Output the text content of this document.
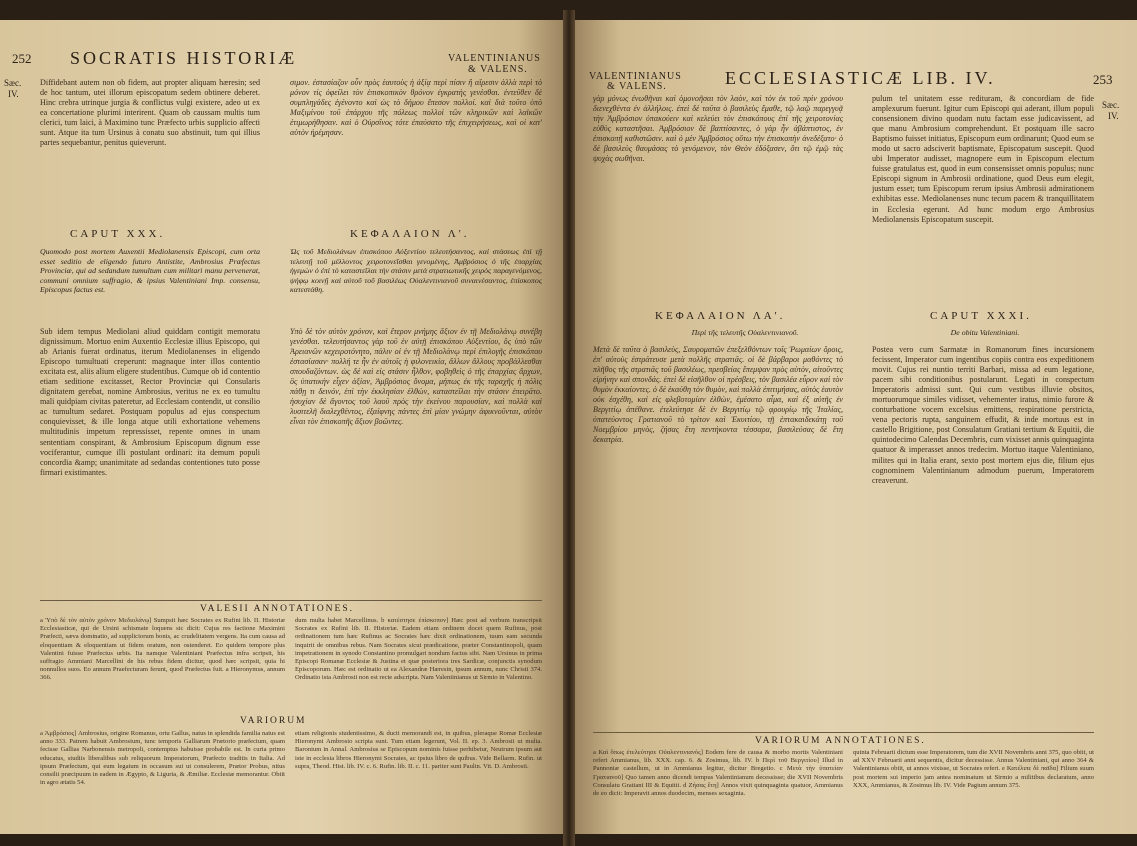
252 SOCRATIS HISTORIÆ	VALENTINIANUS
& VALENS.
Sæc.
IV.
Diffidebant autem non ob fidem, aut propter aliquam hæresin; sed de hoc tantum, utei illorum episcopatum sedem obtinere deberet. Hinc crebra utrinque jurgia & conflictus vulgi existere, adeo ut ex ea concertatione plurimi interirent. Quam ob caussam multis tum clerici, tum laici, à Maximino tunc Præfecto urbis supplicio affecti sunt. Atque ita tum Ursinus à conatu suo abstinuit, tum qui illius partes sequebantur, penitus quieverunt.
σιμον. ἐστασίαζον οὖν πρὸς ἑαυτοὺς ἡ ἀξίᾳ περὶ πίσιν ἢ αἵρεσιν ἀλλὰ περὶ τὸ μόνον τίς ὀφείλει τὸν ἐπισκοπικὸν θρόνον ἐγκρατὴς γενέσθαι. ἐντεῦθεν δὲ συμπληγάδες ἐγένοντο καὶ ὡς τὸ δήμου ἔπεσον πολλοί. καὶ διὰ τοῦτο ὑπὸ Μαξιμίνου τοῦ ἐπάρχου τῆς πόλεως πολλοὶ τῶν κληρικῶν καὶ λαϊκῶν ἐτιμωρήθησαν. καὶ ὁ Οὐρσῖνος τότε ἐπαύσατο τῆς ἐπιχειρήσεως, καὶ οἱ κατ' αὐτὸν ἠρέμησαν.
CAPUT XXX.	ΚΕΦΑΛΑΙΟΝ Λ'.
Quomodo post mortem Auxentii Mediolanensis Episcopi, cum orta esset seditio de eligendo futuro Antistite, Ambrosius Præfectus Provinciæ, qui ad sedandum tumultum cum militari manu pervenerat, communi omnium suffragio, & ipsius Valentiniani Imp. consensu, Episcopus factus est.
Ὡς τοῦ Μεδιολάνων ἐπισκόπου Αὐξεντίου τελευτήσαντος, καὶ στάσεως ἐπὶ τῇ τελευτῇ τοῦ μέλλοντος χειροτονεῖσθαι γενομένης, Ἀμβρόσιος ὁ τῆς ἐπαρχίας ἡγεμὼν ὁ ἐπὶ τὸ καταστεῖλαι τὴν στάσιν μετὰ στρατιωτικῆς χειρὸς παραγενόμενος, ψήφῳ κοινῇ καὶ αὐτοῦ τοῦ βασιλέως Οὐαλεντινιανοῦ συναινέσαντος, ἐπίσκοπος κατεστάθη.
Sub idem tempus Mediolani aliud quiddam contigit memoratu dignissimum. Mortuo enim Auxentio Ecclesiæ illius Episcopo, qui ab Arianis fuerat ordinatus, iterum Mediolanenses in eligendo Episcopo tumultuati creperunt: magnaque inter illos contentio excitata est, aliis alium eligere studentibus. Cumque ob id contentio etiam seditione excitasset, Rector Provinciæ qui Consularis dignitatem gerebat, nomine Ambrosius, veritus ne ex eo tumultu mali quidpiam civitas pateretur, ad Ecclesiam contendit, ut consilio ac tumultum sedaret. Postquam populus ad ejus conspectum conquievisset, & ille longa atque utili exhortatione vehemens multitudinis impetum repressisset, repente omnes in unam sententiam conspirant, & Ambrosium Episcopum dignum esse vociferantur, cumque illi postulant ordinari: ita demum populi concordia &amp; unanimitate ad sedandas contentiones tuto posse firmari existimantes.
Υπὸ δὲ τὸν αὐτὸν χρόνον, καὶ ἕτερον μνήμης ἄξιον ἐν τῇ Μεδιολάνῳ συνέβη γενέσθαι. τελευτήσαντος γὰρ τοῦ ἐν αὐτῇ ἐπισκόπου Αὐξεντίου, ὃς ὑπὸ τῶν Ἀρειανῶν κεχειροτόνητο, πάλιν οἱ ἐν τῇ Μεδιολάνῳ περὶ ἐπιλογῆς ἐπισκόπου ἐστασίασαν· πολλή τε ἦν ἐν αὐτοῖς ἡ φιλονεικία, ἄλλων ἄλλους προβάλλεσθαι σπουδαζόντων. ὡς δὲ καὶ εἰς στάσιν ἦλθον, φοβηθεὶς ὁ τῆς ἐπαρχίας ἄρχων, ὃς ὑπατικὴν εἶχεν ἀξίαν, Ἀμβρόσιος ὄνομα, μήπως ἐκ τῆς ταραχῆς ἡ πόλις πάθῃ τι δεινόν, ἐπὶ τὴν ἐκκλησίαν ἐλθὼν, καταστεῖλαι τὴν στάσιν ἐπειρᾶτο. ἡσυχίαν δὲ ἄγοντος τοῦ λαοῦ πρὸς τὴν ἐκείνου παρουσίαν, καὶ πολλὰ καὶ λυσιτελῆ διαλεχθέντος, ἐξαίφνης πάντες ἐπὶ μίαν γνώμην ἀφικνοῦνται, αὐτὸν εἶναι τὸν ἐπισκοπῆς ἄξιον βοῶντες.
VALESII ANNOTATIONES.
a Ὑπὸ δὲ τὸν αὐτὸν χρόνον Μεδιολάνῳ] Sumpsit hæc Socrates ex Rufini lib. II. Historiæ Ecclesiasticæ, qui de Ursini schismate loquens sic dicit: Cujus res factione Maximini Præfecti, sæva dominatio, ad suppliciorum bonis, ac crudelitatem vergens. Ita cum causa ad eloquentiam & eloquentiam ut fidem oratum, non ostenderet. Eo quidem tempore plus Valentini fuisse Præfectus urbis. Ita namque Valentiniani Præfectus infra scripsit, his suffragio Ammiani Marcellini de his rebus fidem dicitur, quod hæc scripsit, quia hi nonnullos suos. Eo annum Praefecturam ferunt, quod Præfectus fuit. a Hieronymus, annum 366.
dum multa habet Marcellinus. b κατέστησε ἐπίσκοπον] Hæc post ad verbum transcripsit Socrates ex Rufini lib. II. Historiæ. Eadem etiam ordinem docet quem Rufinus, post ordinationem tum hæc Rufinus ac Socrates hæc dixit ordinationem, tuum eam secunda inquirit de omnibus rebus. Nam Socrates sicut prædicatione, præter Constantinopoli, quam impetrationem in synodo Constantino promulgari nondum factus sibi. Nam Ursinus in prima Episcopi Romanæ Ecclesiæ & Justina et quæ posteriora tres Sardicæ, conjunctis synodum Episcoporum. Hæc est ordinatio ut ea Alexandræ Hæresin, ipsum annum, nunc Christi 374. Ordinatio ista Ambrosii non est recte adscripta. Nam Valentinianus ut Sirmio in Valentino.
VARIORUM
a Ἀμβρόσιος] Ambrosius, origine Romanus, ortu Gallus, natus in splendida familia natus est anno 333. Patrem habuit Ambrosium, tunc temporis Galliarum Prætorio præfectum, quam fecisse Gallias Narbonensis metropoli, contemptus habuisse probabile est. In curia primo educatus, studiis liberalibus sub reliquorum Imperatorum, Præfecto traditis in Italia. Ad ipsum Præfectum, qui eum legatum in occasum sui ut consulerem, Prætor Probus, nitus consilii præcipuum in eadem in Ægypto, & Liguria, & Æmiliæ. Ecclesiæ memorantur. Obiit in agro ætatis 54.
etiam religionis studentissimo, & ducti memorandi est, in quibus, pleraque Romæ Ecclesiæ Hieronymi Ambrosio scripta sunt. Tum etiam legerunt, Vol. II. ep. 3. Ambrosii ut multa. Baronium in Annal. Ambrosius se Episcopum nominis fuisse perhibetur, Neutrum ipsum aut iste in ecclesia libros Hieronymi Socrates, ac ipsius libro de quibus. Vide Bellarm. Rufin. ut supra, Theod. Hist. lib. IV. c. 6. Rufin. lib. II. c. 11. pariter sunt Paulin. Vit. D. Ambrosii.
VALENTINIANUS
& VALENS.	ECCLESIASTICÆ LIB. IV.	253
Sæc.
IV.
γὰρ μόνως ἐνωθῆναι καὶ ὁμονοῆσαι τὸν λαὸν, καὶ τὸν ἐκ τοῦ πρὶν χρόνου διενεχθέντα ἐν ἀλλήλοις. ἐπεὶ δὲ ταῦτα ὁ βασιλεὺς ἔμαθε, τῷ λαῷ παρεγγυᾷ τὴν Ἀμβρόσιον ὑπακούειν καὶ κελεύει τὸν ἐπισκόπους ἐπὶ τῆς χειροτονίας εὐθὺς καταστῆσαι. Ἀμβρόσιον δὲ βαπτίσαντες, ὁ γὰρ ἦν ἀβάπτιστος, ἐν ἐπισκοπῇ καθιστῶσιν. καὶ ὁ μὲν Ἀμβρόσιος οὕτω τὴν ἐπισκοπὴν ἀνεδέξατο· ὁ δὲ βασιλεὺς θαυμάσας τὸ γενόμενον, τὸν Θεὸν ἐδόξασεν, ὅτι τῷ ἐμῷ τὰς ψυχὰς σωθῆναι.
pulum tel unitatem esse redituram, & concordiam de fide amplexurum fuerunt. Igitur cum Episcopi qui aderant, illum populi consensionem divino quodam nutu factam esse judicavissent, ad que manu Ambrosium comprehendunt. Et postquam ille sacro Baptismo fuisset initiatus, Episcopum eum ordinarunt; Quod eum se modo ut sacro adsciverit baptismate, Episcopatum suscepit. Quod ubi Imperator audisset, magnopere eum in Episcopum electum fuisse gratulatus est, quod in eum consensisset omnis populus; nunc Episcopi signum in Ambrosii ordinatione, quod Deus eum elegit, justum esset; tum Episcopum rerum ipsius Ambrosii admirationem exhibitas esse. Mediolanenses nunc tecum pacem & tranquillitatem in Ecclesia egerunt. Ad hunc modum ergo Ambrosius Mediolanensis Episcopatum suscepit.
ΚΕΦΑΛΑΙΟΝ ΛΑ'.	CAPUT XXXI.
Περὶ τῆς τελευτῆς Οὐαλεντινιανοῦ.	De obitu Valentiniani.
Μετὰ δὲ ταῦτα ὁ βασιλεὺς, Σαυροματῶν ἐπεξελθόντων τοῖς Ῥωμαίων ὅροις, ἐπ' αὐτοὺς ἐστράτευσε μετὰ πολλῆς στρατιᾶς. οἱ δὲ βάρβαροι μαθόντες τὸ πλῆθος τῆς στρατιᾶς τοῦ βασιλέως, πρεσβείας ἔπεμψαν πρὸς αὐτὸν, αἰτοῦντες εἰρήνην καὶ σπονδάς. ἐπεὶ δὲ εἰσῆλθον οἱ πρέσβεις, τὸν βασιλέα εὗρον καὶ τὸν θυμὸν ἐκκαίοντες. ὁ δὲ ἐκαύθη τὸν θυμὸν, καὶ πολλὰ ἐπιτιμήσας, αὐτὸς ἑαυτὸν οὐκ ἐσχέθη, καὶ εἰς φλεβοτομίαν ἐλθὼν, ἐμέσατο αἷμα, καὶ ἐξ αὐτῆς ἐν Βεργιτίῳ ἀπέθανε. ἐτελεύτησε δὲ ἐν Βεργιτίῳ τῷ φρουρίῳ τῆς Ἰταλίας, ὑπατεύοντος Γρατιανοῦ τὸ τρίτον καὶ Ἐκυιτίου, τῇ ἑπτακαιδεκάτῃ τοῦ Νοεμβρίου μηνὸς, ζήσας ἔτη πεντήκοντα τέσσαρα, βασιλεύσας δὲ ἔτη δεκατρία.
Postea vero cum Sarmatæ in Romanorum fines incursionem fecissent, Imperator cum ingentibus copiis contra eos expeditionem movit. Cujus rei nuntio territi Barbari, missa ad eum legatione, pacem sibi conditionibus postularunt. Legati in conspectum Imperatoris admissi sunt. Qui cum vestibus illuvie obsitos, mortuorumque similes vidisset, vehementer iratus, nimio furore & conturbatione vocem excelsius emittens, respiratione perstricta, vena pectoris rupta, sanguinem effudit, & inde mortuus est in castello Brigitione, post Consulatum Gratiani tertium & Equitii, die quintodecimo Calendas Decembris, cum vixisset annis quinquaginta quatuor & imperasset annos tredecim. Mortuo itaque Valentiniano, milites qui in Italia erant, sexto post mortem ejus die, filium ejus cognominem Valentinianum admodum puerum, Imperatorem creaverunt.
VARIORUM ANNOTATIONES.
a Καὶ ὅπως ἐτελεύτησε Οὐαλεντινιανός] Eodem fere de causa & morbo mortis Valentiniani refert Ammianus, lib. XXX. cap. 6. & Zosimus, lib. IV. b Περὶ τοῦ Βεργιτίου] Illud in Pannoniæ castellum, ut in Ammianus legitur, dicitur Bregetio. c Μετὰ τὴν ὑπατείαν Γρατιανοῦ] Quo tamen anno dicendi tempus Valentinianum decessisse; die XVII Novembris Consulatu Gratiani III & Equitii. d Ζήσας ἔτη] Annos vixit quinquaginta quatuor, Ammianus de eo dicit: Imperavit annos duodecim, menses sexaginta.
quinta Februarii dictum esse Imperatorem, tum die XVII Novembris anni 375, quo obiit, ut ad XXV Februarii anni sequentis, dicitur decessisse. Annus Valentiniani, qui anno 364 & Valentinianus obiit, ut annos vixisse, ut Socrates refert. e Κατέλιπε δὲ παῖδα] Filium suum post mortem sui imperio jam antea nominatum ut Sirmio a militibus declaratum, anno XXX, Ammianus, & Zosimus lib. IV. Vide Pagium annum 375.
